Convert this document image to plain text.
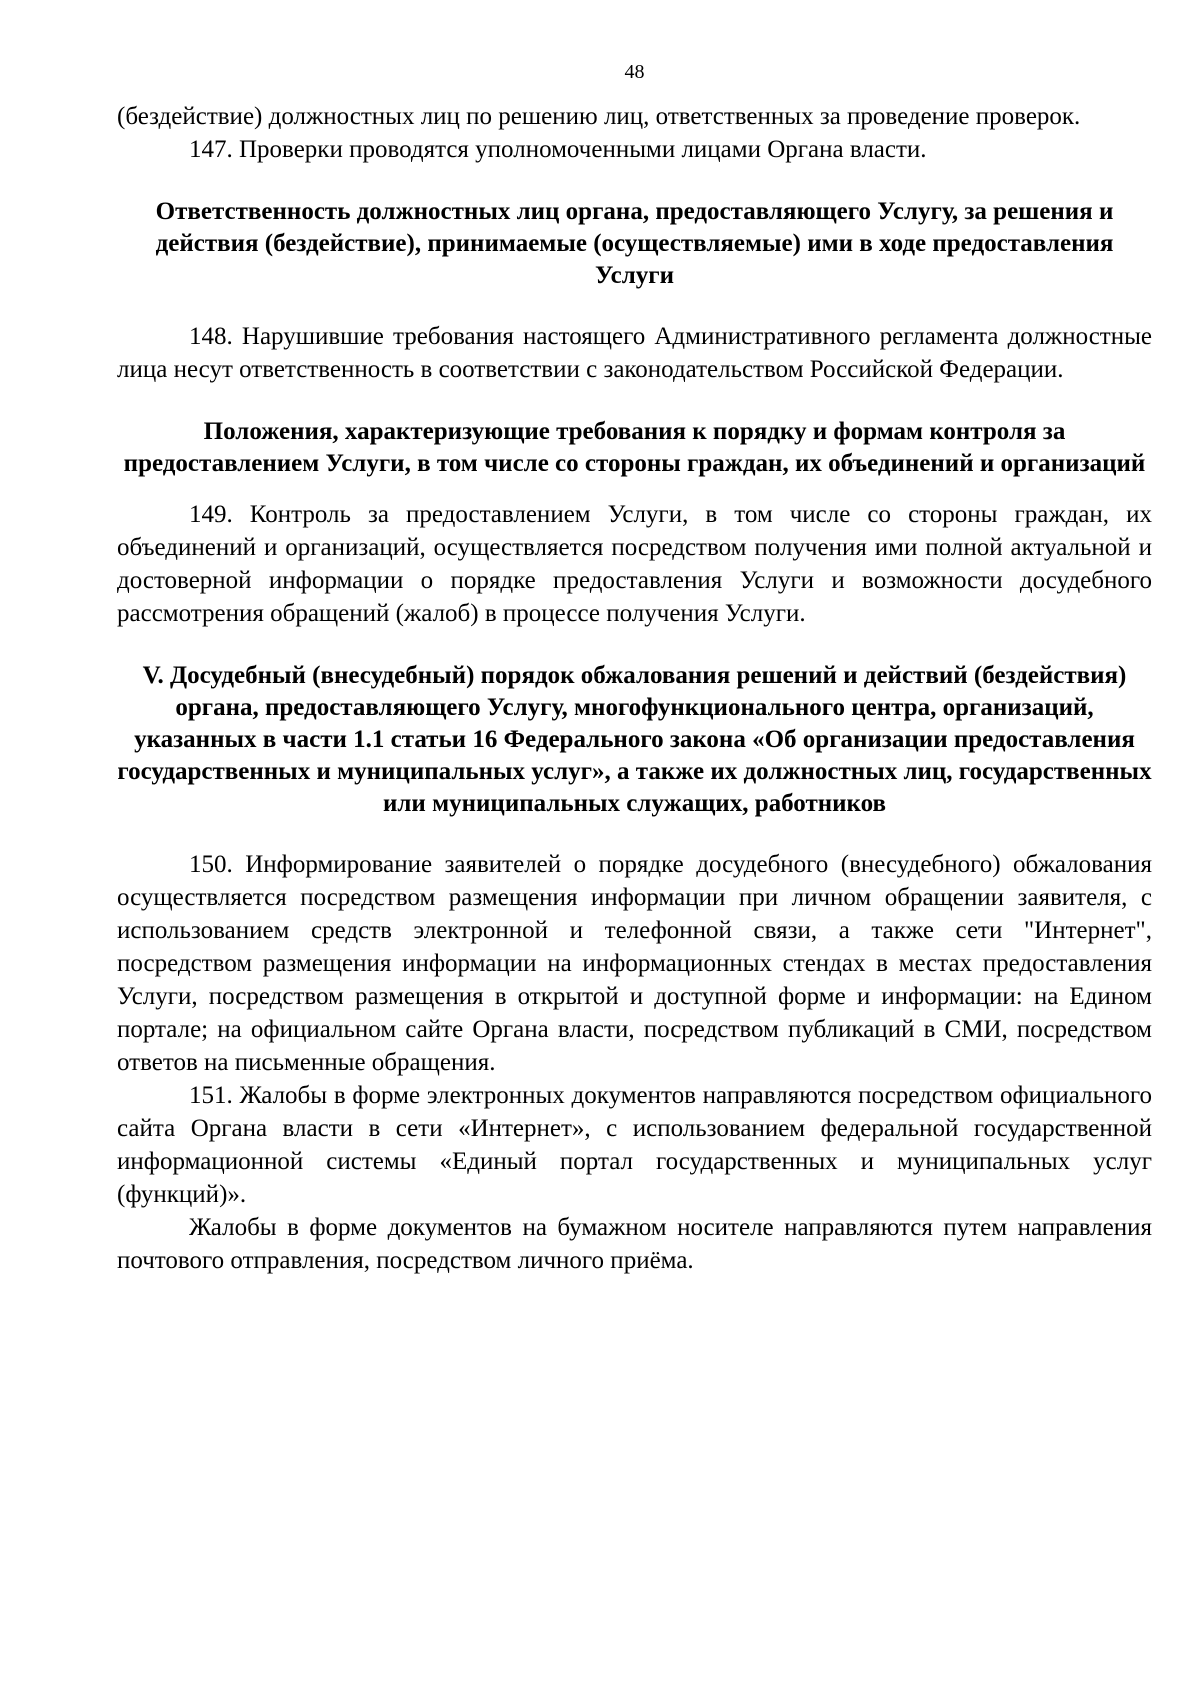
48

(бездействие) должностных лиц по решению лиц, ответственных за проведение проверок.

147. Проверки проводятся уполномоченными лицами Органа власти.

Ответственность должностных лиц органа, предоставляющего Услугу, за решения и действия (бездействие), принимаемые (осуществляемые) ими в ходе предоставления Услуги

148. Нарушившие требования настоящего Административного регламента должностные лица несут ответственность в соответствии с законодательством Российской Федерации.

Положения, характеризующие требования к порядку и формам контроля за предоставлением Услуги, в том числе со стороны граждан, их объединений и организаций

149. Контроль за предоставлением Услуги, в том числе со стороны граждан, их объединений и организаций, осуществляется посредством получения ими полной актуальной и достоверной информации о порядке предоставления Услуги и возможности досудебного рассмотрения обращений (жалоб) в процессе получения Услуги.

V. Досудебный (внесудебный) порядок обжалования решений и действий (бездействия) органа, предоставляющего Услугу, многофункционального центра, организаций, указанных в части 1.1 статьи 16 Федерального закона «Об организации предоставления государственных и муниципальных услуг», а также их должностных лиц, государственных или муниципальных служащих, работников

150. Информирование заявителей о порядке досудебного (внесудебного) обжалования осуществляется посредством размещения информации при личном обращении заявителя, с использованием средств электронной и телефонной связи, а также сети "Интернет", посредством размещения информации на информационных стендах в местах предоставления Услуги, посредством размещения в открытой и доступной форме и информации: на Едином портале; на официальном сайте Органа власти, посредством публикаций в СМИ, посредством ответов на письменные обращения.

151. Жалобы в форме электронных документов направляются посредством официального сайта Органа власти в сети «Интернет», с использованием федеральной государственной информационной системы «Единый портал государственных и муниципальных услуг (функций)».

Жалобы в форме документов на бумажном носителе направляются путем направления почтового отправления, посредством личного приёма.
